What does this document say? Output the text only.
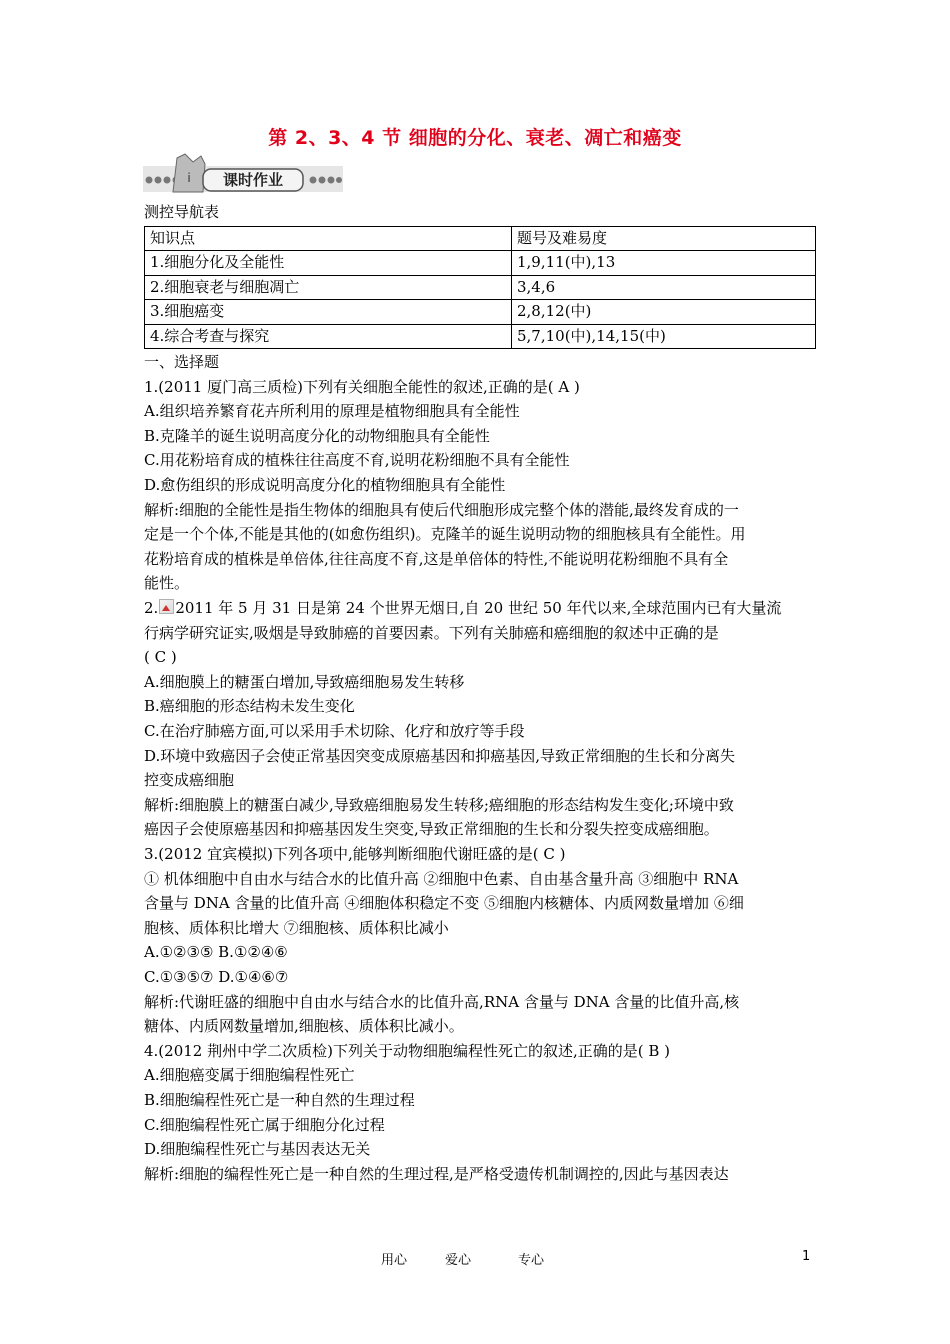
第 2、3、4 节 细胞的分化、衰老、凋亡和癌变
ⅰ 课时作业
测控导航表
知识点	题号及难易度
1.细胞分化及全能性	1,9,11(中),13
2.细胞衰老与细胞凋亡	3,4,6
3.细胞癌变	2,8,12(中)
4.综合考查与探究	5,7,10(中),14,15(中)
一、选择题
1.(2011 厦门高三质检)下列有关细胞全能性的叙述,正确的是( A )
A.组织培养繁育花卉所利用的原理是植物细胞具有全能性
B.克隆羊的诞生说明高度分化的动物细胞具有全能性
C.用花粉培育成的植株往往高度不育,说明花粉细胞不具有全能性
D.愈伤组织的形成说明高度分化的植物细胞具有全能性
解析:细胞的全能性是指生物体的细胞具有使后代细胞形成完整个体的潜能,最终发育成的一
定是一个个体,不能是其他的(如愈伤组织)。克隆羊的诞生说明动物的细胞核具有全能性。用
花粉培育成的植株是单倍体,往往高度不育,这是单倍体的特性,不能说明花粉细胞不具有全
能性。
2. 2011 年 5 月 31 日是第 24 个世界无烟日,自 20 世纪 50 年代以来,全球范围内已有大量流
行病学研究证实,吸烟是导致肺癌的首要因素。下列有关肺癌和癌细胞的叙述中正确的是
( C )
A.细胞膜上的糖蛋白增加,导致癌细胞易发生转移
B.癌细胞的形态结构未发生变化
C.在治疗肺癌方面,可以采用手术切除、化疗和放疗等手段
D.环境中致癌因子会使正常基因突变成原癌基因和抑癌基因,导致正常细胞的生长和分离失
控变成癌细胞
解析:细胞膜上的糖蛋白减少,导致癌细胞易发生转移;癌细胞的形态结构发生变化;环境中致
癌因子会使原癌基因和抑癌基因发生突变,导致正常细胞的生长和分裂失控变成癌细胞。
3.(2012 宜宾模拟)下列各项中,能够判断细胞代谢旺盛的是( C )
① 机体细胞中自由水与结合水的比值升高 ②细胞中色素、自由基含量升高 ③细胞中 RNA
含量与 DNA 含量的比值升高 ④细胞体积稳定不变 ⑤细胞内核糖体、内质网数量增加 ⑥细
胞核、质体积比增大 ⑦细胞核、质体积比减小
A.①②③⑤ B.①②④⑥
C.①③⑤⑦ D.①④⑥⑦
解析:代谢旺盛的细胞中自由水与结合水的比值升高,RNA 含量与 DNA 含量的比值升高,核
糖体、内质网数量增加,细胞核、质体积比减小。
4.(2012 荆州中学二次质检)下列关于动物细胞编程性死亡的叙述,正确的是( B )
A.细胞癌变属于细胞编程性死亡
B.细胞编程性死亡是一种自然的生理过程
C.细胞编程性死亡属于细胞分化过程
D.细胞编程性死亡与基因表达无关
解析:细胞的编程性死亡是一种自然的生理过程,是严格受遗传机制调控的,因此与基因表达
用心	爱心	专心	1
